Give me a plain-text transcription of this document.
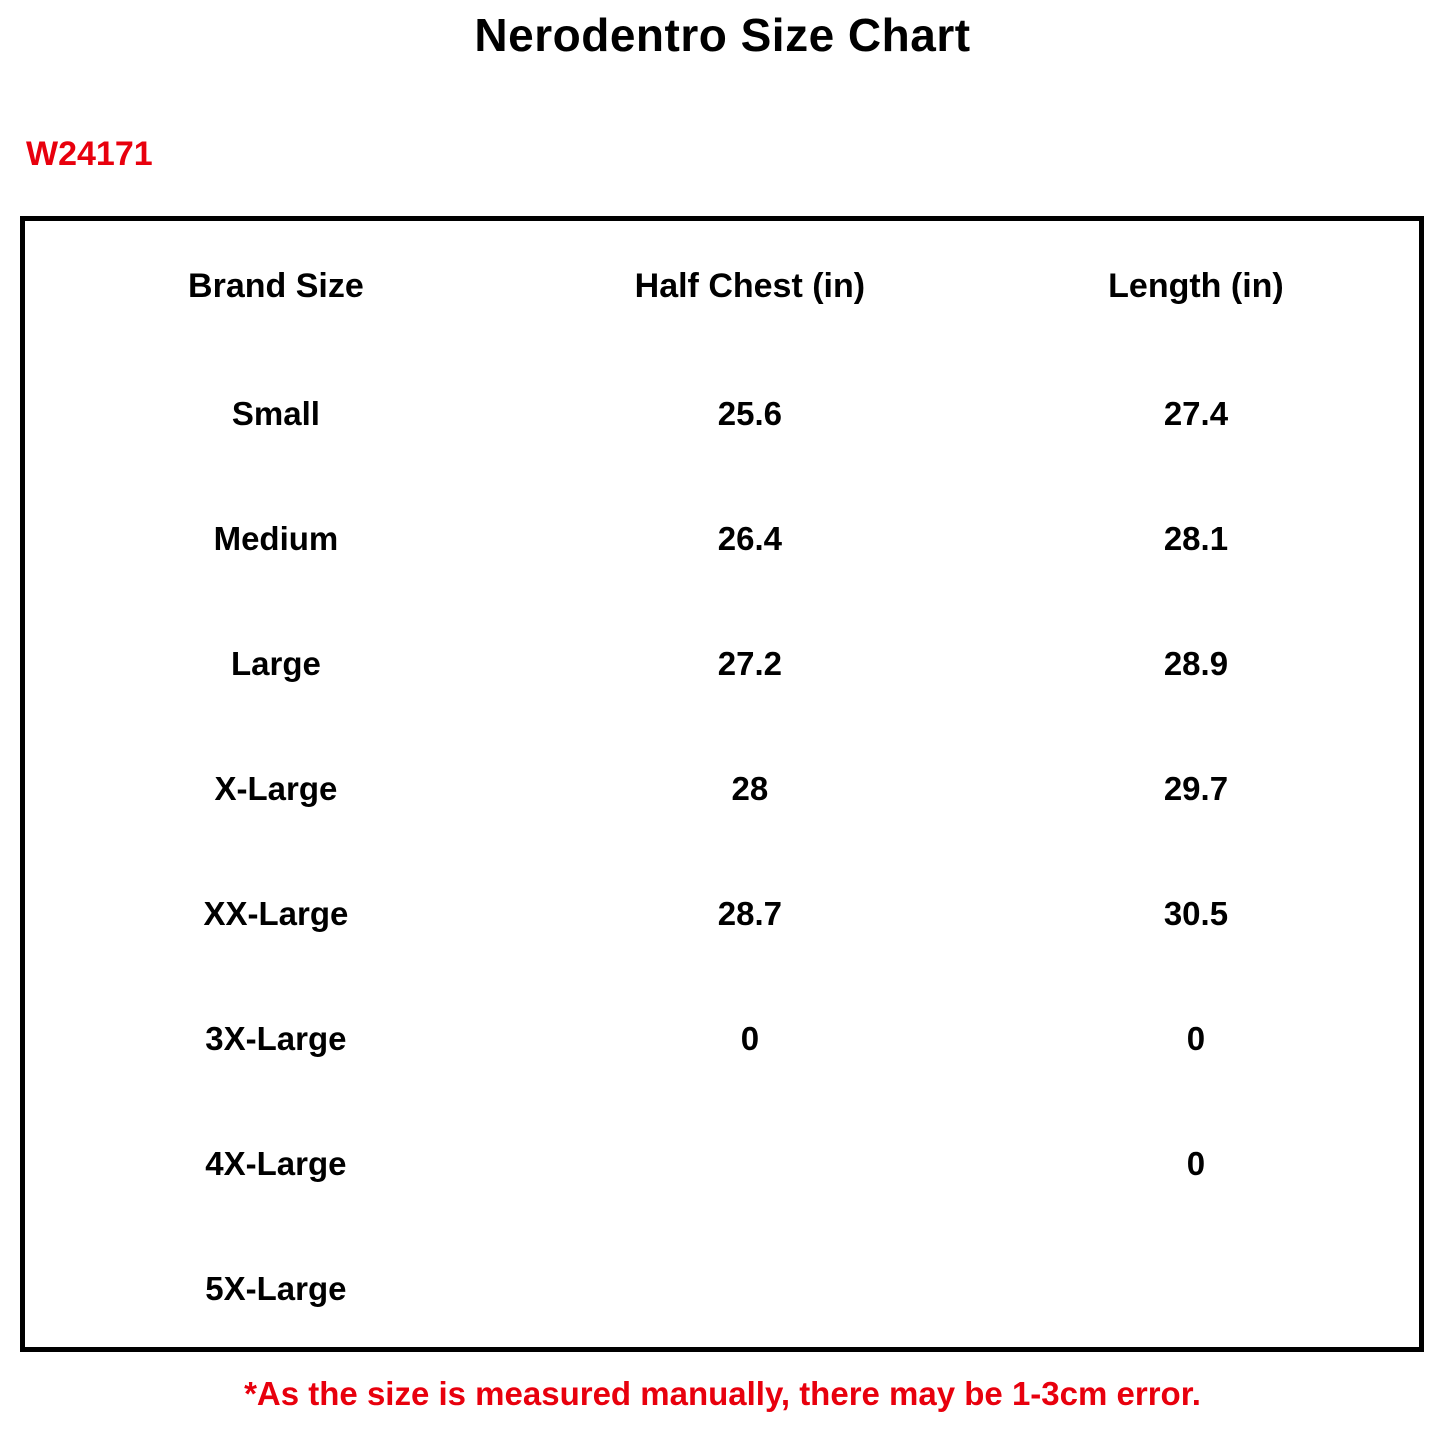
Nerodentro Size Chart
W24171
Brand Size	Half Chest (in)	Length (in)
Small	25.6	27.4
Medium	26.4	28.1
Large	27.2	28.9
X-Large	28	29.7
XX-Large	28.7	30.5
3X-Large	0	0
4X-Large		0
5X-Large		
*As the size is measured manually, there may be 1-3cm error.
